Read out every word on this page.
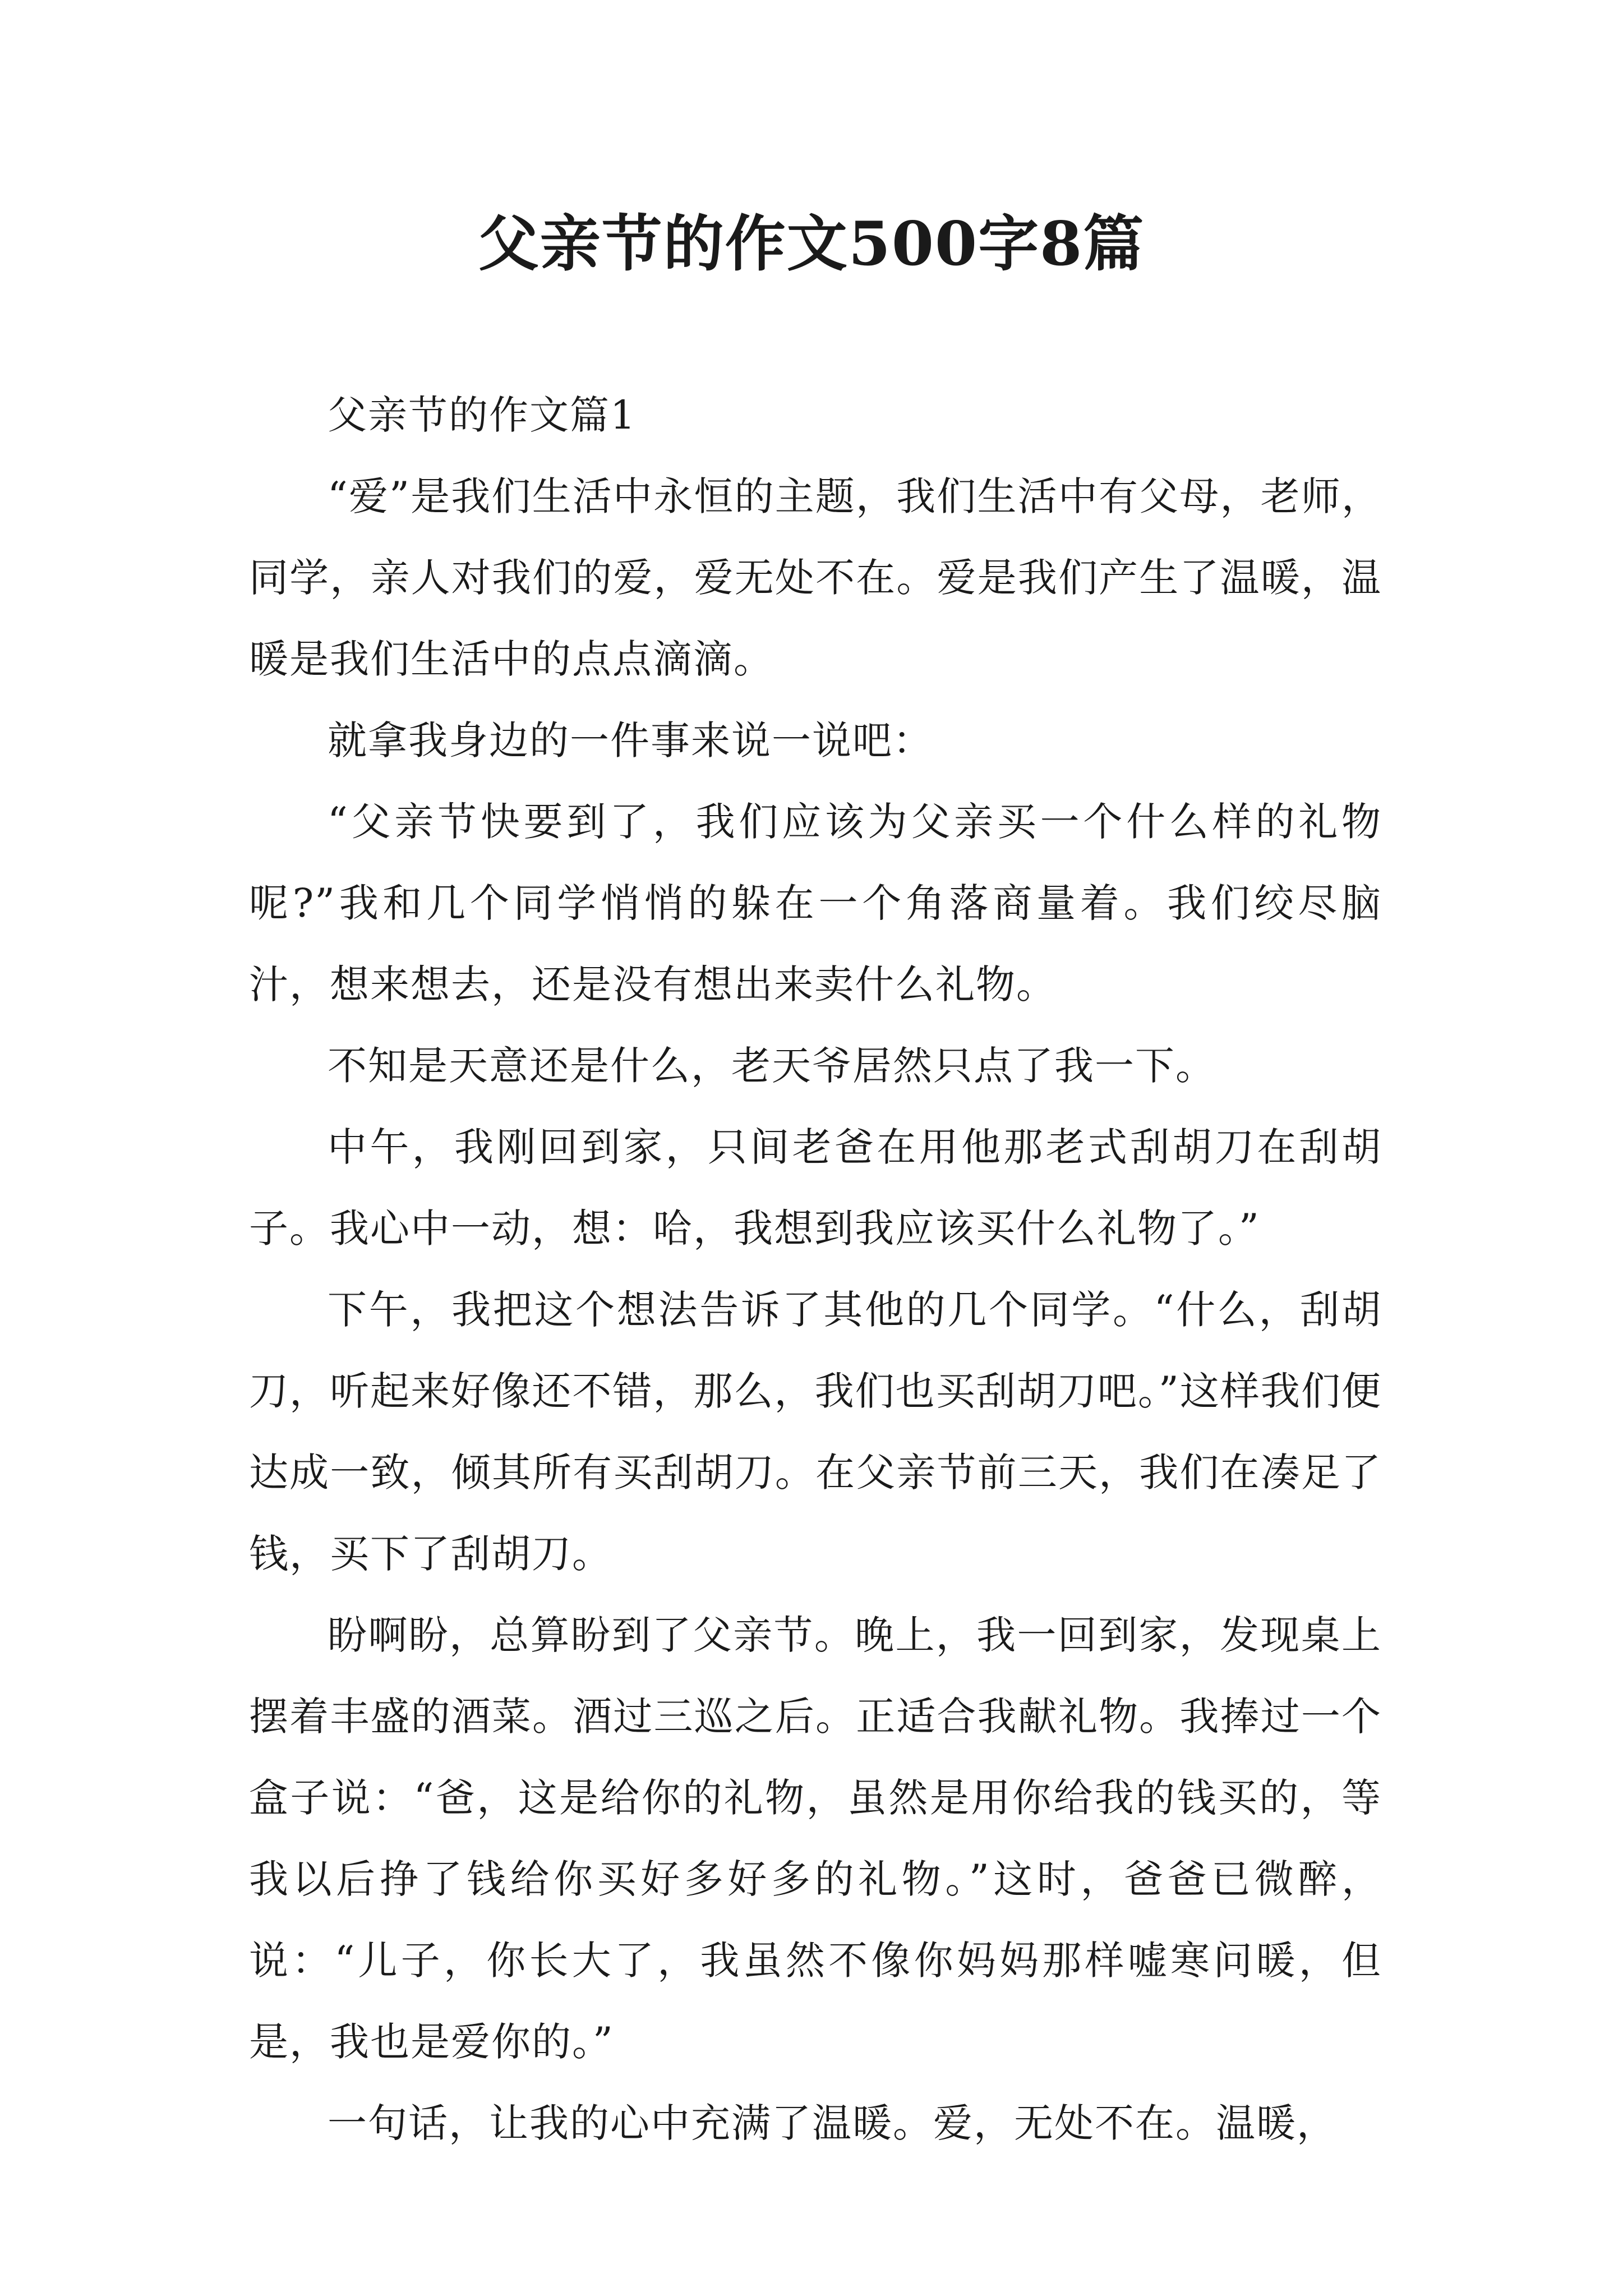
父亲节的作文500字8篇

父亲节的作文篇1

“爱”是我们生活中永恒的主题，我们生活中有父母，老师，同学，亲人对我们的爱，爱无处不在。爱是我们产生了温暖，温暖是我们生活中的点点滴滴。

就拿我身边的一件事来说一说吧：

“父亲节快要到了，我们应该为父亲买一个什么样的礼物呢?”我和几个同学悄悄的躲在一个角落商量着。我们绞尽脑汁，想来想去，还是没有想出来卖什么礼物。

不知是天意还是什么，老天爷居然只点了我一下。

中午，我刚回到家，只间老爸在用他那老式刮胡刀在刮胡子。我心中一动，想：哈，我想到我应该买什么礼物了。”

下午，我把这个想法告诉了其他的几个同学。“什么，刮胡刀，听起来好像还不错，那么，我们也买刮胡刀吧。”这样我们便达成一致，倾其所有买刮胡刀。在父亲节前三天，我们在凑足了钱，买下了刮胡刀。

盼啊盼，总算盼到了父亲节。晚上，我一回到家，发现桌上摆着丰盛的酒菜。酒过三巡之后。正适合我献礼物。我捧过一个盒子说：“爸，这是给你的礼物，虽然是用你给我的钱买的，等我以后挣了钱给你买好多好多的礼物。”这时，爸爸已微醉，说：“儿子，你长大了，我虽然不像你妈妈那样嘘寒问暖，但是，我也是爱你的。”

一句话，让我的心中充满了温暖。爱，无处不在。温暖，
